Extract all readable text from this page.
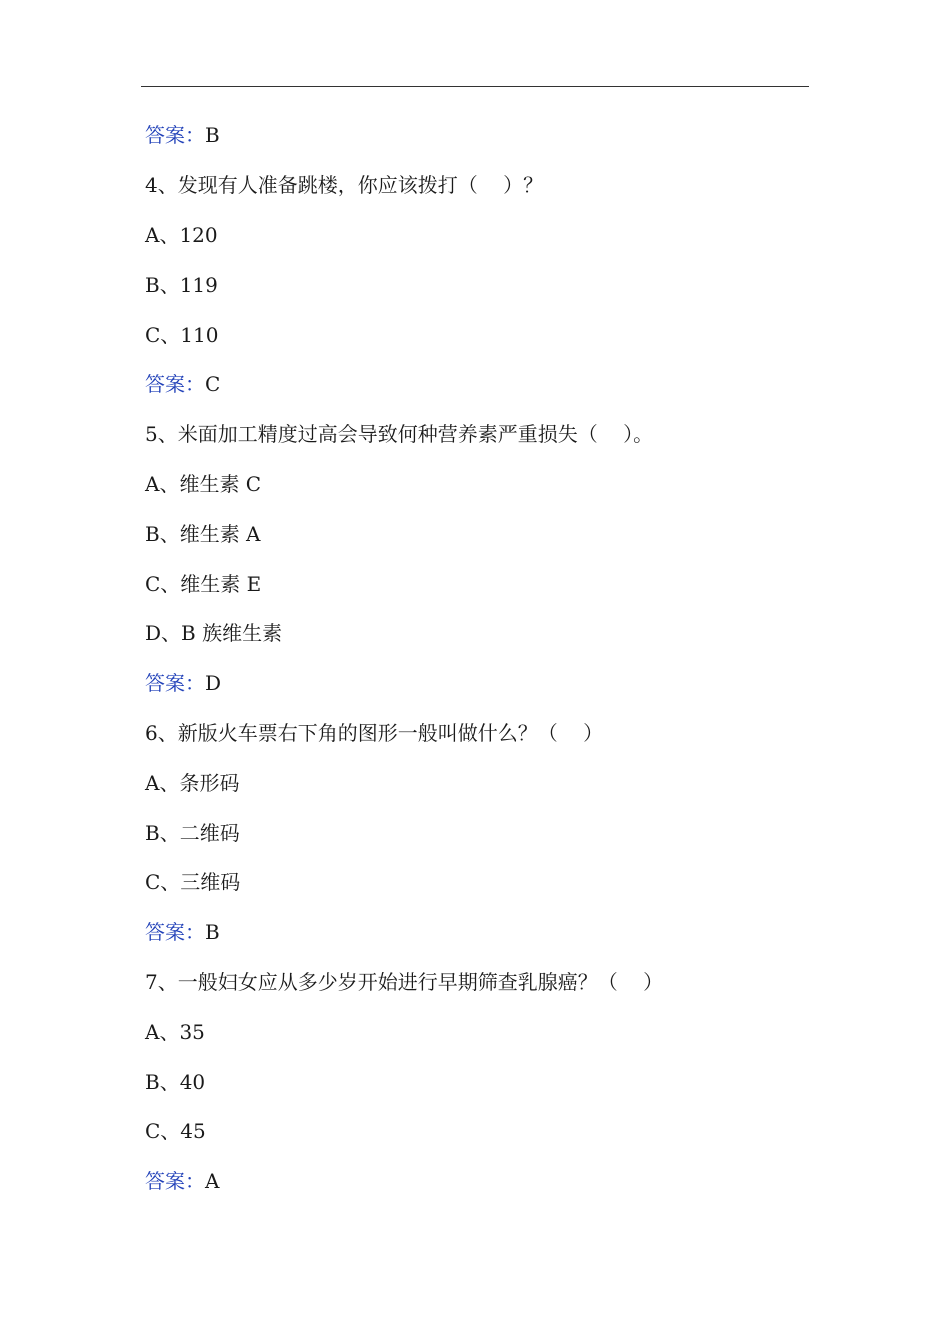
答案：B
4、发现有人准备跳楼，你应该拨打（    ）？
A、120
B、119
C、110
答案：C
5、米面加工精度过高会导致何种营养素严重损失（    ）。
A、维生素 C
B、维生素 A
C、维生素 E
D、B 族维生素
答案：D
6、新版火车票右下角的图形一般叫做什么？（    ）
A、条形码
B、二维码
C、三维码
答案：B
7、一般妇女应从多少岁开始进行早期筛查乳腺癌？（    ）
A、35
B、40
C、45
答案：A
